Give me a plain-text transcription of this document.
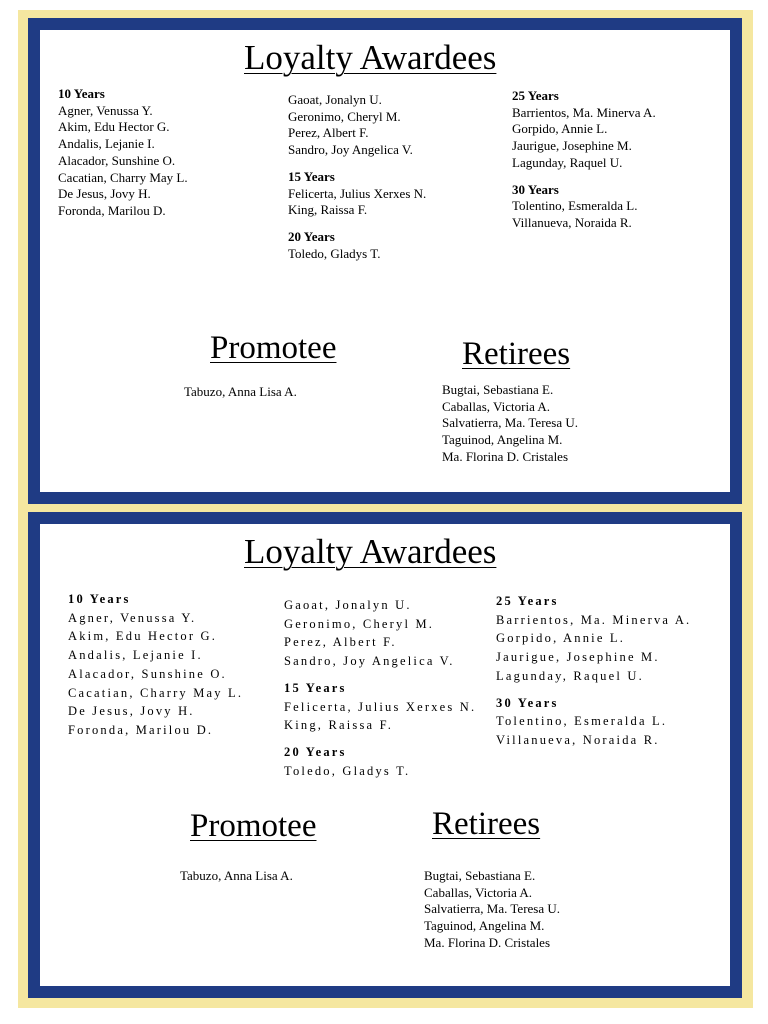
Loyalty Awardees
10 Years
Agner, Venussa Y.
Akim, Edu Hector G.
Andalis, Lejanie I.
Alacador, Sunshine O.
Cacatian, Charry May L.
De Jesus, Jovy H.
Foronda, Marilou D.
Gaoat, Jonalyn U.
Geronimo, Cheryl M.
Perez, Albert F.
Sandro, Joy Angelica V.
15 Years
Felicerta, Julius Xerxes N.
King, Raissa F.
20 Years
Toledo, Gladys T.
25 Years
Barrientos, Ma. Minerva A.
Gorpido, Annie L.
Jaurigue, Josephine M.
Lagunday, Raquel U.
30 Years
Tolentino, Esmeralda L.
Villanueva, Noraida R.
Promotee
Tabuzo, Anna Lisa A.
Retirees
Bugtai, Sebastiana E.
Caballas, Victoria A.
Salvatierra, Ma. Teresa U.
Taguinod, Angelina M.
Ma. Florina D. Cristales
Loyalty Awardees
10 Years
Agner, Venussa Y.
Akim, Edu Hector G.
Andalis, Lejanie I.
Alacador, Sunshine O.
Cacatian, Charry May L.
De Jesus, Jovy H.
Foronda, Marilou D.
Gaoat, Jonalyn U.
Geronimo, Cheryl M.
Perez, Albert F.
Sandro, Joy Angelica V.
15 Years
Felicerta, Julius Xerxes N.
King, Raissa F.
20 Years
Toledo, Gladys T.
25 Years
Barrientos, Ma. Minerva A.
Gorpido, Annie L.
Jaurigue, Josephine M.
Lagunday, Raquel U.
30 Years
Tolentino, Esmeralda L.
Villanueva, Noraida R.
Promotee
Tabuzo, Anna Lisa A.
Retirees
Bugtai, Sebastiana E.
Caballas, Victoria A.
Salvatierra, Ma. Teresa U.
Taguinod, Angelina M.
Ma. Florina D. Cristales
